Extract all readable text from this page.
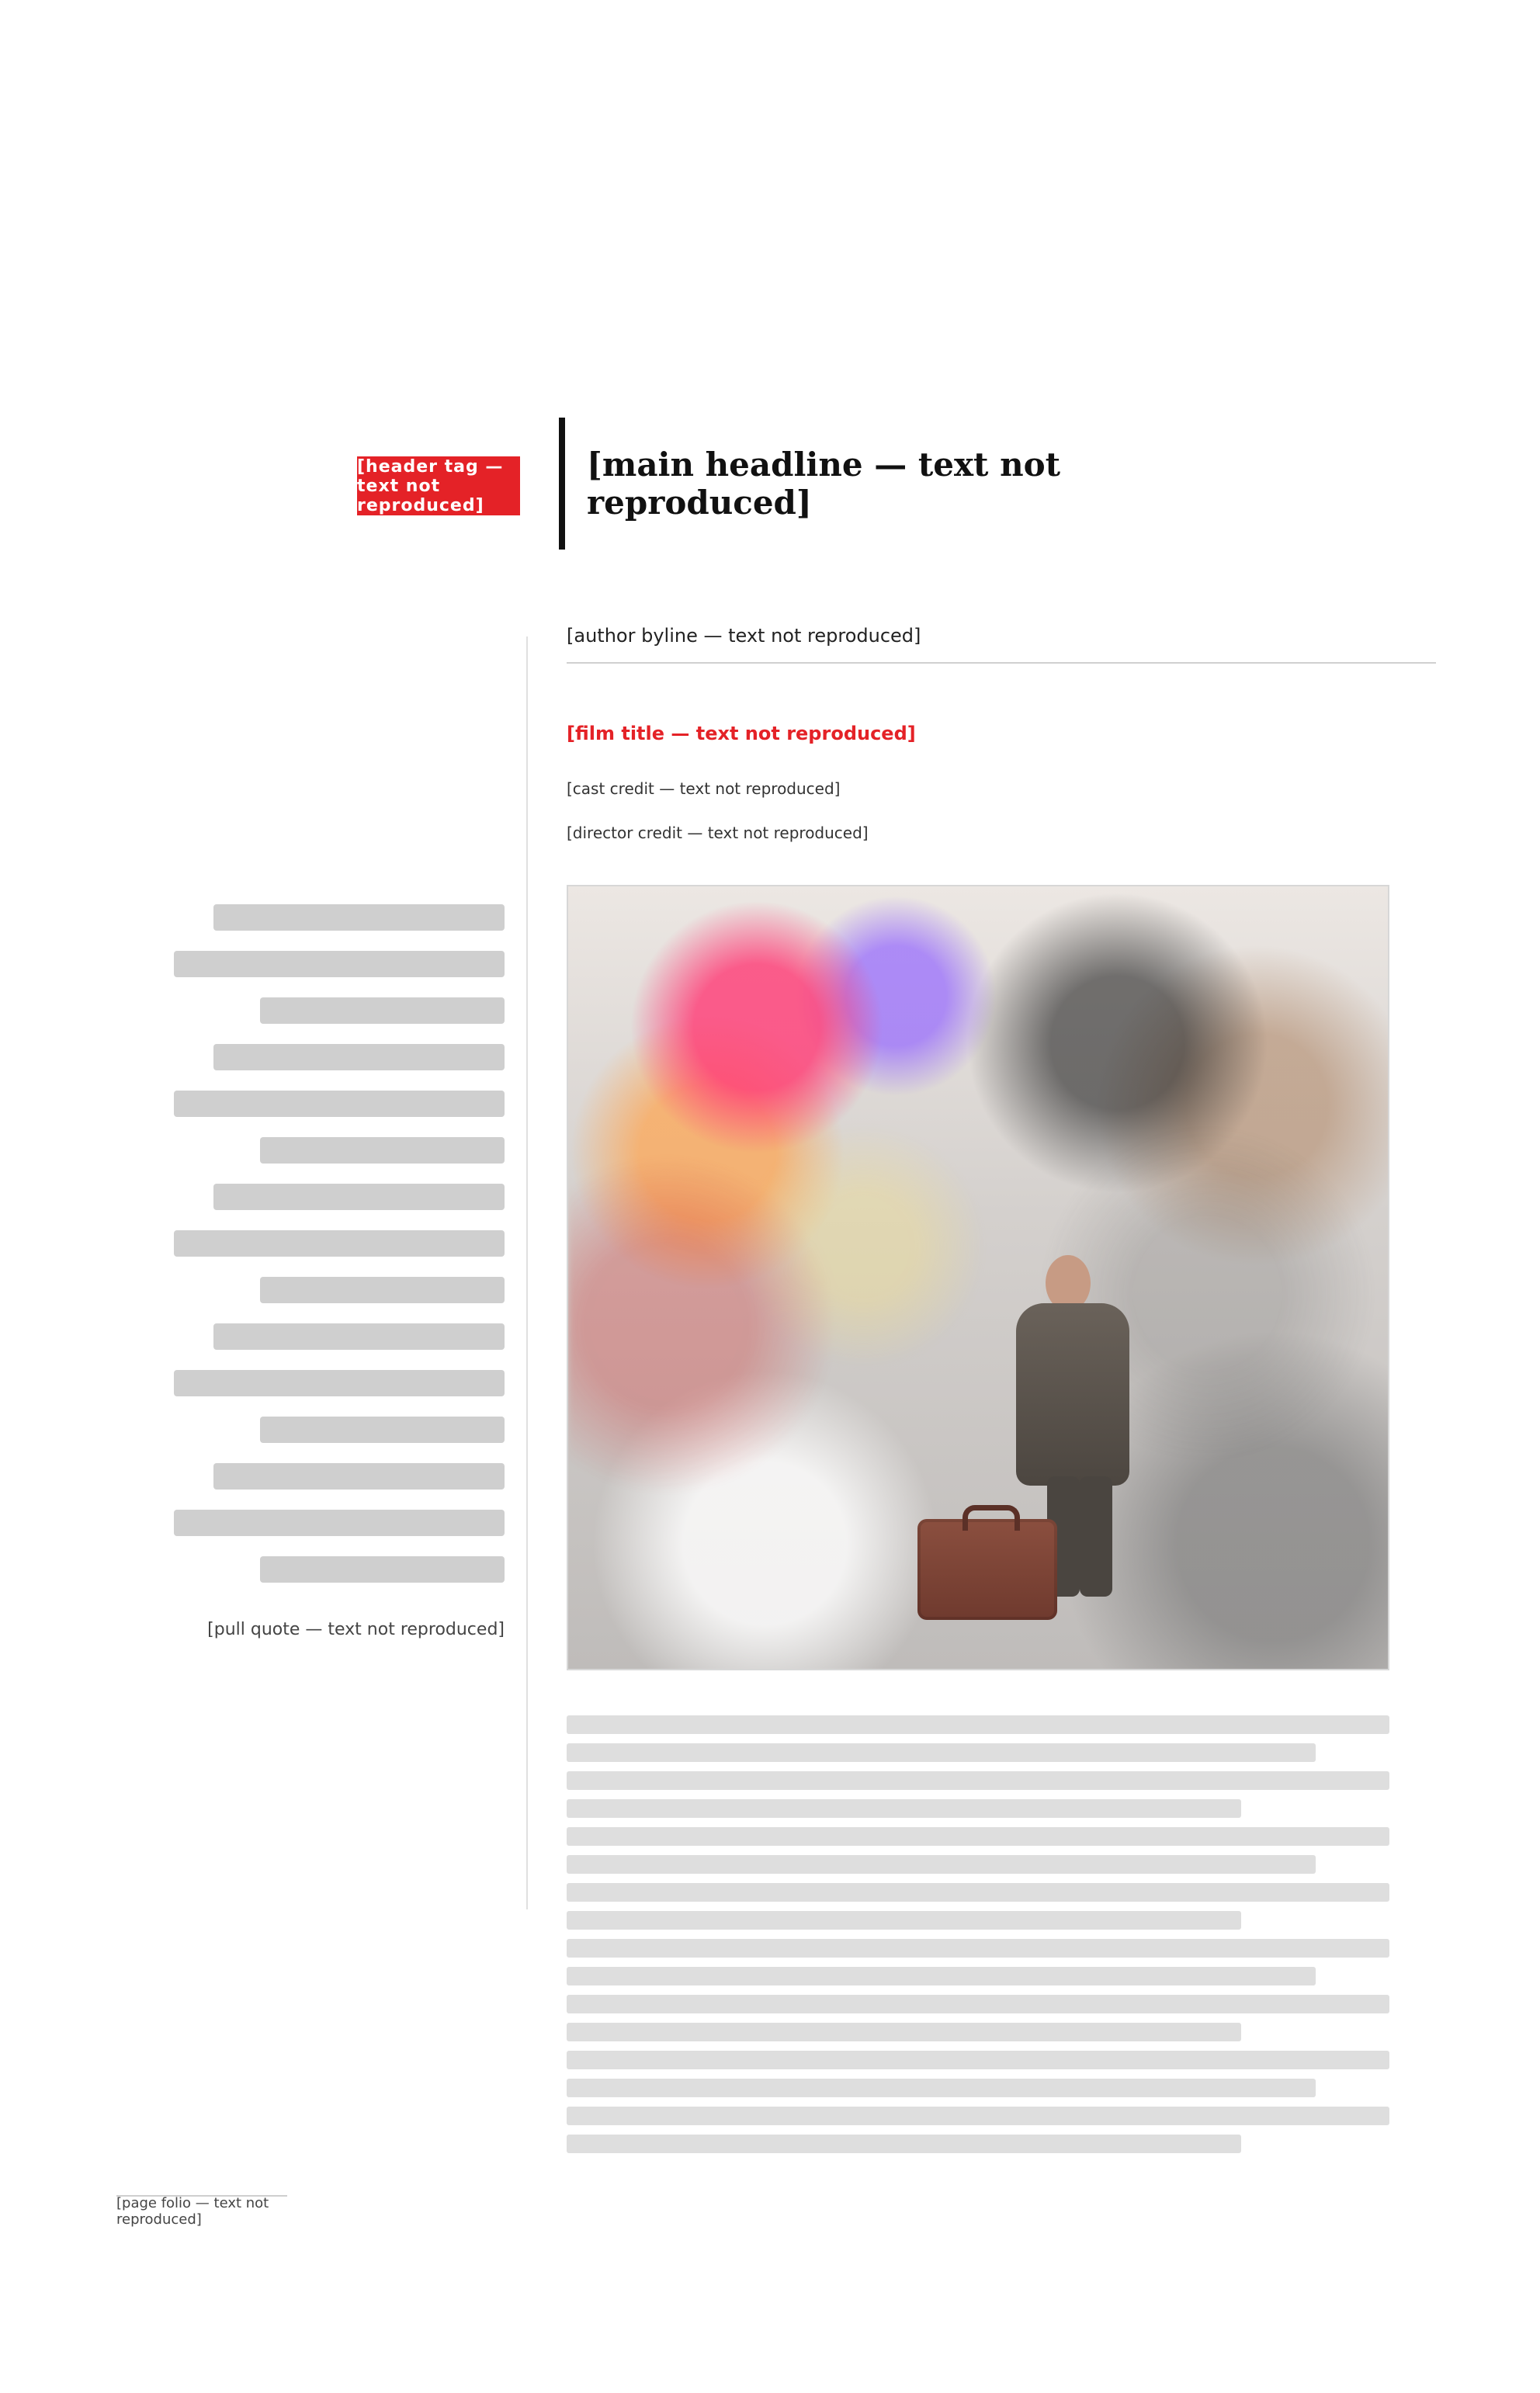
[header tag — text not reproduced]
[main headline — text not reproduced]
[author byline — text not reproduced]
[film title — text not reproduced]
[cast credit — text not reproduced]
[director credit — text not reproduced]
[pull quote — text not reproduced]
[page folio — text not reproduced]
